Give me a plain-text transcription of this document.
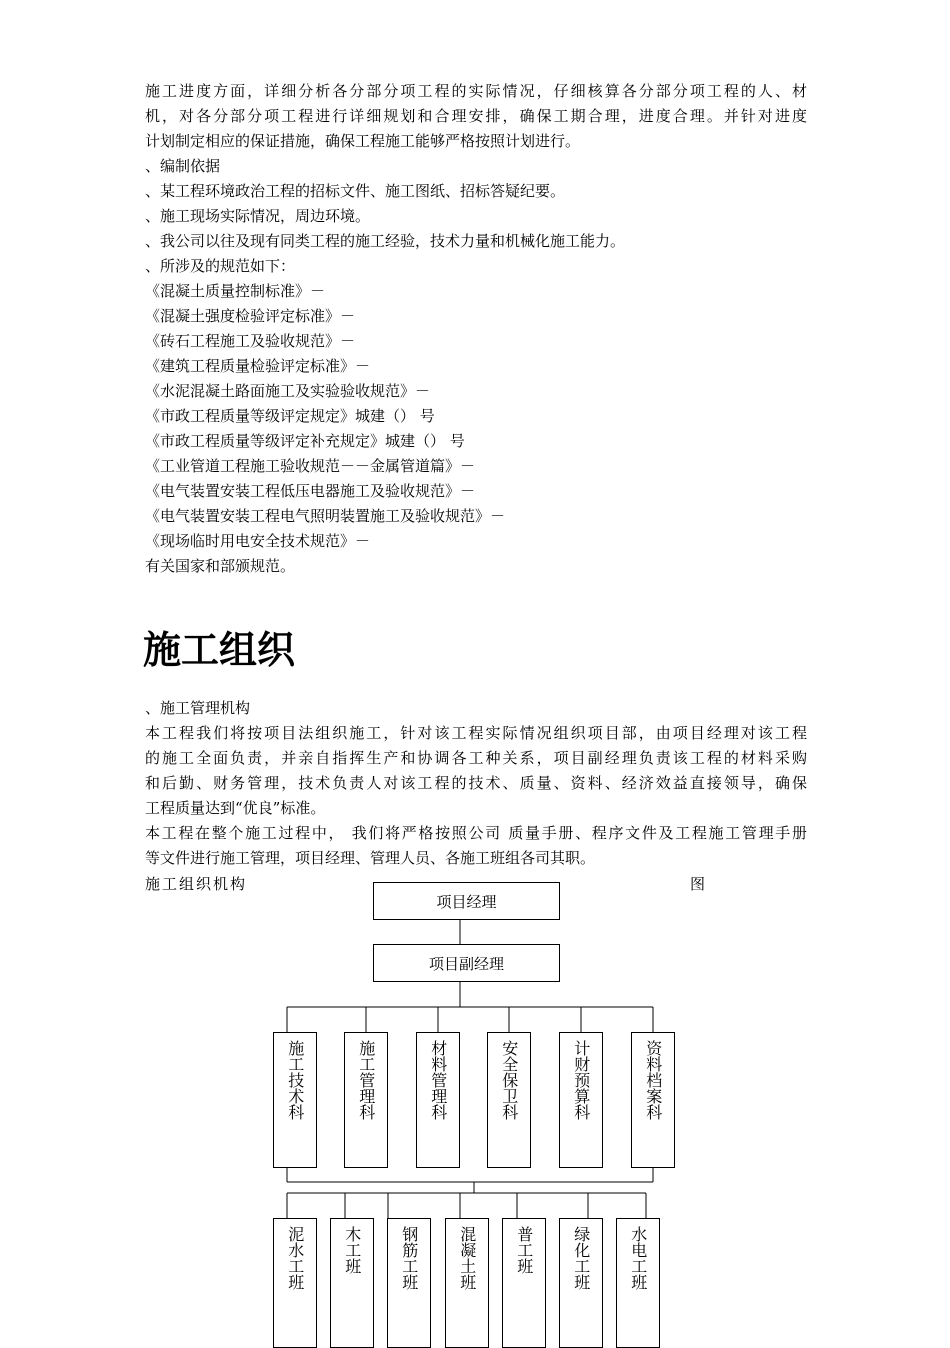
施工进度方面，详细分析各分部分项工程的实际情况，仔细核算各分部分项工程的人、材

机，对各分部分项工程进行详细规划和合理安排，确保工期合理，进度合理。并针对进度

计划制定相应的保证措施，确保工程施工能够严格按照计划进行。

、编制依据

、某工程环境政治工程的招标文件、施工图纸、招标答疑纪要。

、施工现场实际情况，周边环境。

、我公司以往及现有同类工程的施工经验，技术力量和机械化施工能力。

、所涉及的规范如下：

《混凝土质量控制标准》－

《混凝土强度检验评定标准》－

《砖石工程施工及验收规范》－

《建筑工程质量检验评定标准》－

《水泥混凝土路面施工及实验验收规范》－

《市政工程质量等级评定规定》城建（） 号

《市政工程质量等级评定补充规定》城建（） 号

《工业管道工程施工验收规范－－金属管道篇》－

《电气装置安装工程低压电器施工及验收规范》－

《电气装置安装工程电气照明装置施工及验收规范》－

《现场临时用电安全技术规范》－

有关国家和部颁规范。

施工组织

、施工管理机构

本工程我们将按项目法组织施工，针对该工程实际情况组织项目部，由项目经理对该工程

的施工全面负责，并亲自指挥生产和协调各工种关系，项目副经理负责该工程的材料采购

和后勤、财务管理，技术负责人对该工程的技术、质量、资料、经济效益直接领导，确保

工程质量达到“优良”标准。

本工程在整个施工过程中， 我们将严格按照公司 质量手册、程序文件及工程施工管理手册

等文件进行施工管理，项目经理、管理人员、各施工班组各司其职。

施工组织机构	图

项目经理
项目副经理
施工技术科	施工管理科	材料管理科	安全保卫科	计财预算科	资料档案科
泥水工班	木工班	钢筋工班	混凝土班	普工班	绿化工班	水电工班
